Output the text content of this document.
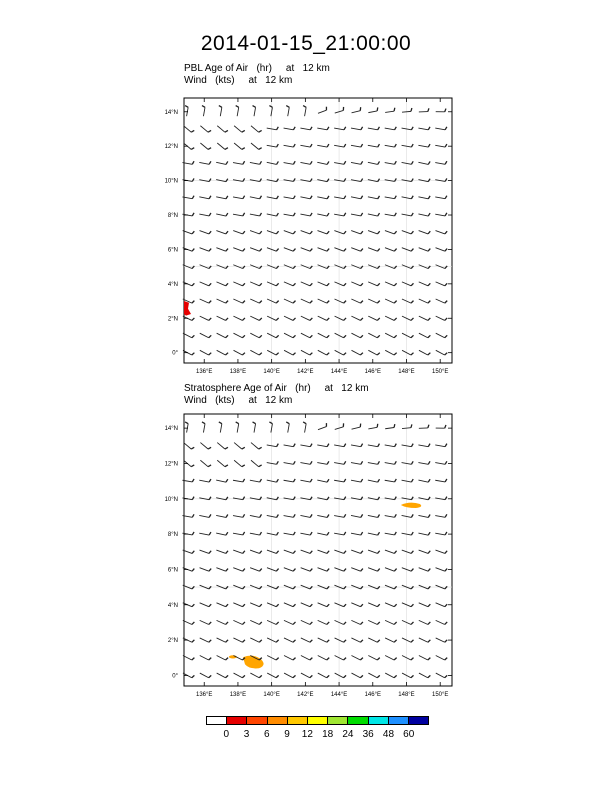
2014-01-15_21:00:00
PBL Age of Air   (hr)     at   12 km
Wind   (kts)     at   12 km
Stratosphere Age of Air   (hr)     at   12 km
Wind   (kts)     at   12 km
136°E	138°E	140°E	142°E	144°E	146°E	148°E	150°E
0°
2°N
4°N
6°N
8°N
10°N
12°N
14°N
136°E	138°E	140°E	142°E	144°E	146°E	148°E	150°E
0°
2°N
4°N
6°N
8°N
10°N
12°N
14°N
0 3 6 9 12 18 24 36 48 60
